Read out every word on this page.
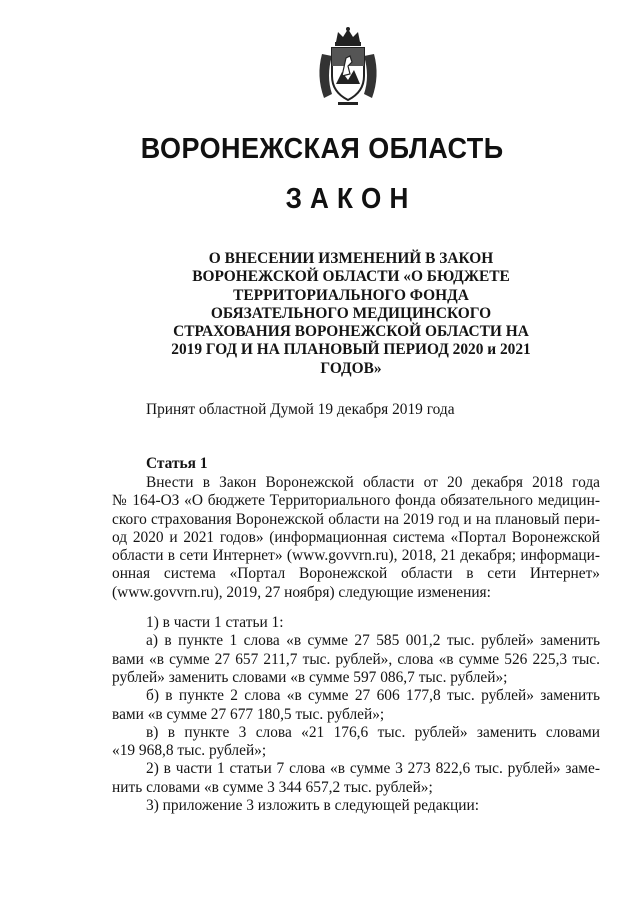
ВОРОНЕЖСКАЯ ОБЛАСТЬ
ЗАКОН
О ВНЕСЕНИИ ИЗМЕНЕНИЙ В ЗАКОН
ВОРОНЕЖСКОЙ ОБЛАСТИ «О БЮДЖЕТЕ
ТЕРРИТОРИАЛЬНОГО ФОНДА
ОБЯЗАТЕЛЬНОГО МЕДИЦИНСКОГО
СТРАХОВАНИЯ ВОРОНЕЖСКОЙ ОБЛАСТИ НА
2019 ГОД И НА ПЛАНОВЫЙ ПЕРИОД 2020 и 2021
ГОДОВ»
Принят областной Думой 19 декабря 2019 года
Статья 1
Внести в Закон Воронежской области от 20 декабря 2018 года
№ 164-ОЗ «О бюджете Территориального фонда обязательного медицин-
ского страхования Воронежской области на 2019 год и на плановый пери-
од 2020 и 2021 годов» (информационная система «Портал Воронежской
области в сети Интернет» (www.govvrn.ru), 2018, 21 декабря; информаци-
онная система «Портал Воронежской области в сети Интернет»
(www.govvrn.ru), 2019, 27 ноября) следующие изменения:
1) в части 1 статьи 1:
а) в пункте 1 слова «в сумме 27 585 001,2 тыс. рублей» заменить
вами «в сумме 27 657 211,7 тыс. рублей», слова «в сумме 526 225,3 тыс.
рублей» заменить словами «в сумме 597 086,7 тыс. рублей»;
б) в пункте 2 слова «в сумме 27 606 177,8 тыс. рублей» заменить
вами «в сумме 27 677 180,5 тыс. рублей»;
в) в пункте 3 слова «21 176,6 тыс. рублей» заменить словами
«19 968,8 тыс. рублей»;
2) в части 1 статьи 7 слова «в сумме 3 273 822,6 тыс. рублей» заме-
нить словами «в сумме 3 344 657,2 тыс. рублей»;
3) приложение 3 изложить в следующей редакции:
